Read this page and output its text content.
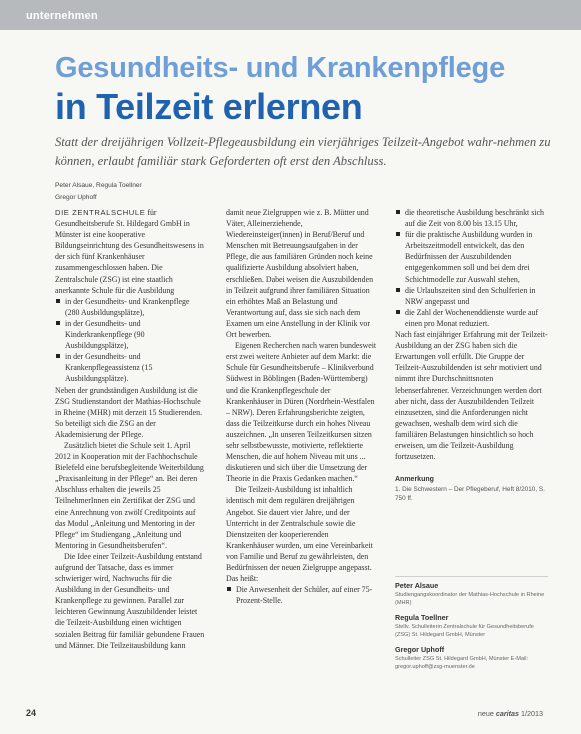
unternehmen
Gesundheits- und Krankenpflege
in Teilzeit erlernen
Statt der dreijährigen Vollzeit-Pflegeausbildung ein vierjähriges Teilzeit-Angebot wahr-nehmen zu können, erlaubt familiär stark Geforderten oft erst den Abschluss.
Peter Alsaue, Regula Toellner
Gregor Uphoff

DIE ZENTRALSCHULE für Gesundheitsberufe St. Hildegard GmbH in Münster ist eine kooperative Bildungseinrichtung des Gesundheitswesens in der sich fünf Krankenhäuser zusammengeschlossen haben. Die Zentralschule (ZSG) ist eine staatlich anerkannte Schule für die Ausbildung

in der Gesundheits- und Krankenpflege (280 Ausbildungsplätze),

in der Gesundheits- und Kinderkrankenpflege (90 Ausbildungsplätze),

in der Gesundheits- und Krankenpflegeassistenz (15 Ausbildungsplätze).

Neben der grundständigen Ausbildung ist die ZSG Studienstandort der Mathias-Hochschule in Rheine (MHR) mit derzeit 15 Studierenden. So beteiligt sich die ZSG an der Akademisierung der Pflege.

Zusätzlich bietet die Schule seit 1. April 2012 in Kooperation mit der Fachhochschule Bielefeld eine berufsbegleitende Weiterbildung „Praxisanleitung in der Pflege“ an. Bei deren Abschluss erhalten die jeweils 25 TeilnehmerInnen ein Zertifikat der ZSG und eine Anrechnung von zwölf Creditpoints auf das Modul „Anleitung und Mentoring in der Pflege“ im Studiengang „Anleitung und Mentoring in Gesundheitsberufen“.

Die Idee einer Teilzeit-Ausbildung entstand aufgrund der Tatsache, dass es immer schwieriger wird, Nachwuchs für die Ausbildung in der Gesundheits- und Krankenpflege zu gewinnen. Parallel zur leichteren Gewinnung Auszubildender leistet die Teilzeit-Ausbildung einen wichtigen sozialen Beitrag für familiär gebundene Frauen und Männer. Die Teilzeitausbildung kann

damit neue Zielgruppen wie z. B. Mütter und Väter, Alleinerziehende, Wiedereinsteiger(innen) in Beruf/Beruf und Menschen mit Betreuungsaufgaben in der Pflege, die aus familiären Gründen noch keine qualifizierte Ausbildung absolviert haben, erschließen. Dabei weisen die Auszubildenden in Teilzeit aufgrund ihrer familiären Situation ein erhöhtes Maß an Belastung und Verantwortung auf, dass sie sich nach dem Examen um eine Anstellung in der Klinik vor Ort bewerben.

Eigenen Recherchen nach waren bundesweit erst zwei weitere Anbieter auf dem Markt: die Schule für Gesundheitsberufe – Klinikverbund Südwest in Böblingen (Baden-Württemberg) und die Krankenpflegeschule der Krankenhäuser in Düren (Nordrhein-Westfalen – NRW). Deren Erfahrungsberichte zeigten, dass die Teilzeitkurse durch ein hohes Niveau auszeichnen. „In unseren Teilzeitkursen sitzen sehr selbstbewusste, motivierte, reflektierte Menschen, die auf hohem Niveau mit uns ... diskutieren und sich über die Umsetzung der Theorie in die Praxis Gedanken machen.“

Die Teilzeit-Ausbildung ist inhaltlich identisch mit dem regulären dreijährigen Angebot. Sie dauert vier Jahre, und der Unterricht in der Zentralschule sowie die Dienstzeiten der kooperierenden Krankenhäuser wurden, um eine Vereinbarkeit von Familie und Beruf zu gewährleisten, den Bedürfnissen der neuen Zielgruppe angepasst. Das heißt:

Die Anwesenheit der Schüler, auf einer 75-Prozent-Stelle.

die theoretische Ausbildung beschränkt sich auf die Zeit von 8.00 bis 13.15 Uhr,

für die praktische Ausbildung wurden in Arbeitszeitmodell entwickelt, das den Bedürfnissen der Auszubildenden entgegenkommen soll und bei dem drei Schichtmodelle zur Auswahl stehen,

die Urlaubszeiten sind den Schulferien in NRW angepasst und

die Zahl der Wochenenddienste wurde auf einen pro Monat reduziert.

Nach fast einjähriger Erfahrung mit der Teilzeit-Ausbildung an der ZSG haben sich die Erwartungen voll erfüllt. Die Gruppe der Teilzeit-Auszubildenden ist sehr motiviert und nimmt ihre Durchschnittsnoten lebenserfahrener. Verzeichnungen werden dort aber nicht, dass der Auszubildenden Teilzeit einzusetzen, sind die Anforderungen nicht gewachsen, weshalb dem wird sich die familiären Belastungen hinsichtlich so hoch erweisen, um die Teilzeit-Ausbildung fortzusetzen.

Anmerkung
1. Die Schwestern – Der Pflegeberuf, Heft 8/2010, S. 750 ff.
Peter Alsaue
Studiengangskoordinator der Mathias-Hochschule in Rheine (MHR)
Regula Toellner
Stellv. Schulleiterin Zentralschule für Gesundheitsberufe (ZSG) St. Hildegard GmbH, Münster
Gregor Uphoff
Schulleiter ZSG St. Hildegard GmbH, Münster E-Mail: gregor.uphoff@zsg-muenster.de
24	neue caritas 1/2013
